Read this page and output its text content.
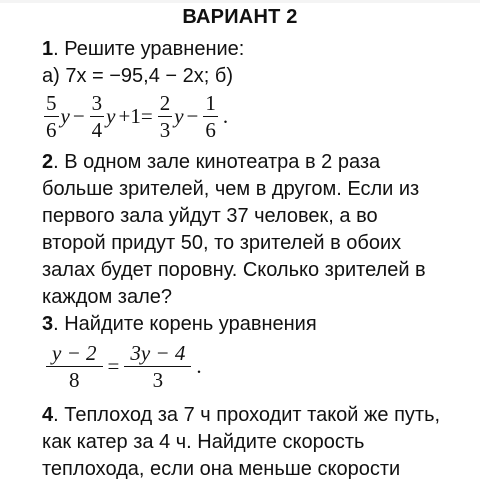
ВАРИАНТ 2
1. Решите уравнение:
а) 7x = −95,4 − 2x; б)
$\frac{5}{6}$ $y - \frac{3}{4}$ $y +1= \frac{2}{3}$ $y - \frac{1}{6}$ .
2. В одном зале кинотеатра в 2 раза
больше зрителей, чем в другом. Если из
первого зала уйдут 37 человек, а во
второй придут 50, то зрителей в обоих
залах будет поровну. Сколько зрителей в
каждом зале?
3. Найдите корень уравнения
$\frac{y - 2}{8} = \frac{3y - 4}{3}$ .
4. Теплоход за 7 ч проходит такой же путь,
как катер за 4 ч. Найдите скорость
теплохода, если она меньше скорости
